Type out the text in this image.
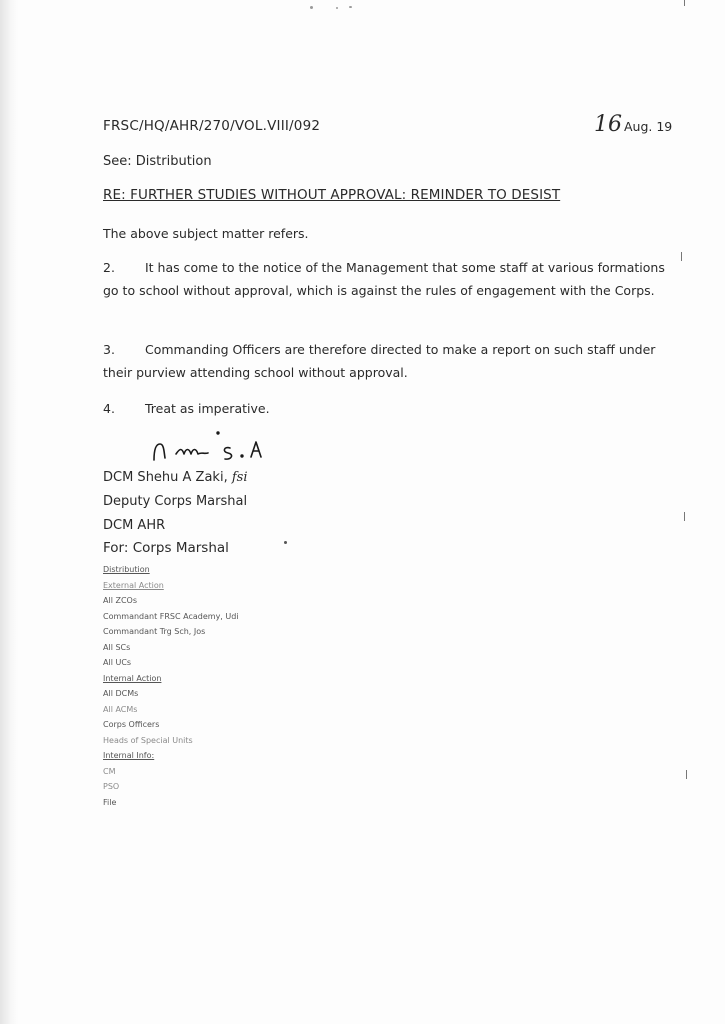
FRSC/HQ/AHR/270/VOL.VIII/092	16 Aug. 19
See: Distribution
RE: FURTHER STUDIES WITHOUT APPROVAL: REMINDER TO DESIST
The above subject matter refers.
2. It has come to the notice of the Management that some staff at various formations go to school without approval, which is against the rules of engagement with the Corps.
3. Commanding Officers are therefore directed to make a report on such staff under their purview attending school without approval.
4. Treat as imperative.
DCM Shehu A Zaki, fsi
Deputy Corps Marshal
DCM AHR
For: Corps Marshal
Distribution
External Action
All ZCOs
Commandant FRSC Academy, Udi
Commandant Trg Sch, Jos
All SCs
All UCs
Internal Action
All DCMs
All ACMs
Corps Officers
Heads of Special Units
Internal Info:
CM
PSO
File
